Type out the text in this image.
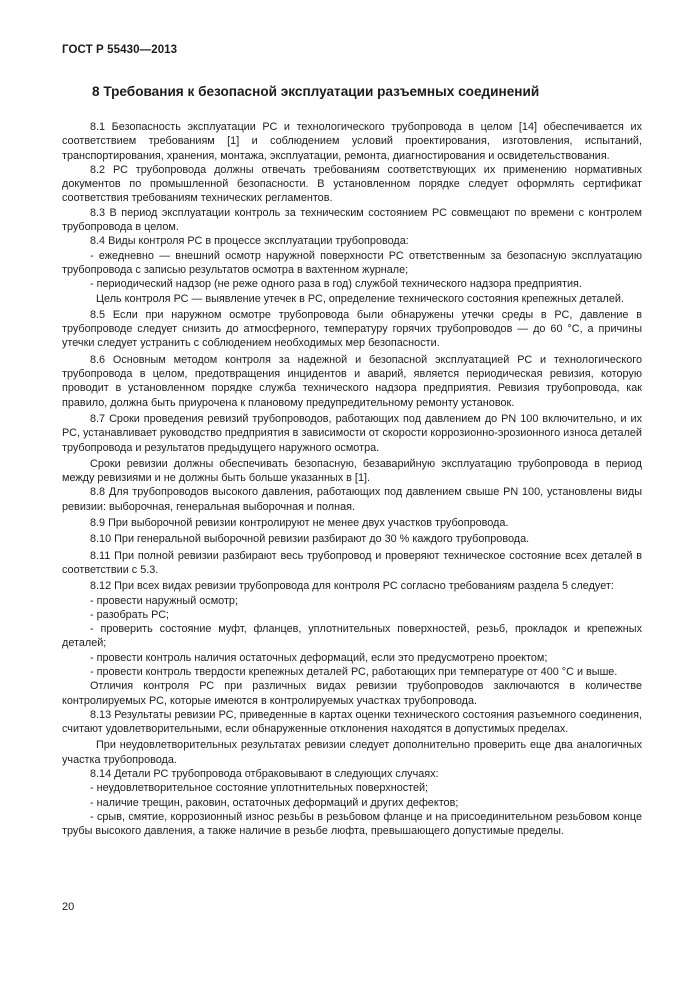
ГОСТ Р 55430—2013
8 Требования к безопасной эксплуатации разъемных соединений

8.1 Безопасность эксплуатации РС и технологического трубопровода в целом [14] обеспечивается их соответствием требованиям [1] и соблюдением условий проектирования, изготовления, испытаний, транспортирования, хранения, монтажа, эксплуатации, ремонта, диагностирования и освидетельствования.

8.2 РС трубопровода должны отвечать требованиям соответствующих их применению нормативных документов по промышленной безопасности. В установленном порядке следует оформлять сертификат соответствия требованиям технических регламентов.

8.3 В период эксплуатации контроль за техническим состоянием РС совмещают по времени с контролем трубопровода в целом.

8.4 Виды контроля РС в процессе эксплуатации трубопровода:

- ежедневно — внешний осмотр наружной поверхности РС ответственным за безопасную эксплуатацию трубопровода с записью результатов осмотра в вахтенном журнале;

- периодический надзор (не реже одного раза в год) службой технического надзора предприятия.

Цель контроля РС — выявление утечек в РС, определение технического состояния крепежных деталей.

8.5 Если при наружном осмотре трубопровода были обнаружены утечки среды в РС, давление в трубопроводе следует снизить до атмосферного, температуру горячих трубопроводов — до 60 °С, а причины утечки следует устранить с соблюдением необходимых мер безопасности.

8.6 Основным методом контроля за надежной и безопасной эксплуатацией РС и технологического трубопровода в целом, предотвращения инцидентов и аварий, является периодическая ревизия, которую проводит в установленном порядке служба технического надзора предприятия. Ревизия трубопровода, как правило, должна быть приурочена к плановому предупредительному ремонту установок.

8.7 Сроки проведения ревизий трубопроводов, работающих под давлением до PN 100 включительно, и их РС, устанавливает руководство предприятия в зависимости от скорости коррозионно-эрозионного износа деталей трубопровода и результатов предыдущего наружного осмотра.

Сроки ревизии должны обеспечивать безопасную, безаварийную эксплуатацию трубопровода в период между ревизиями и не должны быть больше указанных в [1].

8.8 Для трубопроводов высокого давления, работающих под давлением свыше PN 100, установлены виды ревизии: выборочная, генеральная выборочная и полная.

8.9 При выборочной ревизии контролируют не менее двух участков трубопровода.

8.10 При генеральной выборочной ревизии разбирают до 30 % каждого трубопровода.

8.11 При полной ревизии разбирают весь трубопровод и проверяют техническое состояние всех деталей в соответствии с 5.3.

8.12 При всех видах ревизии трубопровода для контроля РС согласно требованиям раздела 5 следует:

- провести наружный осмотр;

- разобрать РС;

- проверить состояние муфт, фланцев, уплотнительных поверхностей, резьб, прокладок и крепежных деталей;

- провести контроль наличия остаточных деформаций, если это предусмотрено проектом;

- провести контроль твердости крепежных деталей РС, работающих при температуре от 400 °С и выше.

Отличия контроля РС при различных видах ревизии трубопроводов заключаются в количестве контролируемых РС, которые имеются в контролируемых участках трубопровода.

8.13 Результаты ревизии РС, приведенные в картах оценки технического состояния разъемного соединения, считают удовлетворительными, если обнаруженные отклонения находятся в допустимых пределах.

При неудовлетворительных результатах ревизии следует дополнительно проверить еще два аналогичных участка трубопровода.

8.14 Детали РС трубопровода отбраковывают в следующих случаях:

- неудовлетворительное состояние уплотнительных поверхностей;

- наличие трещин, раковин, остаточных деформаций и других дефектов;

- срыв, смятие, коррозионный износ резьбы в резьбовом фланце и на присоединительном резьбовом конце трубы высокого давления, а также наличие в резьбе люфта, превышающего допустимые пределы.

20
